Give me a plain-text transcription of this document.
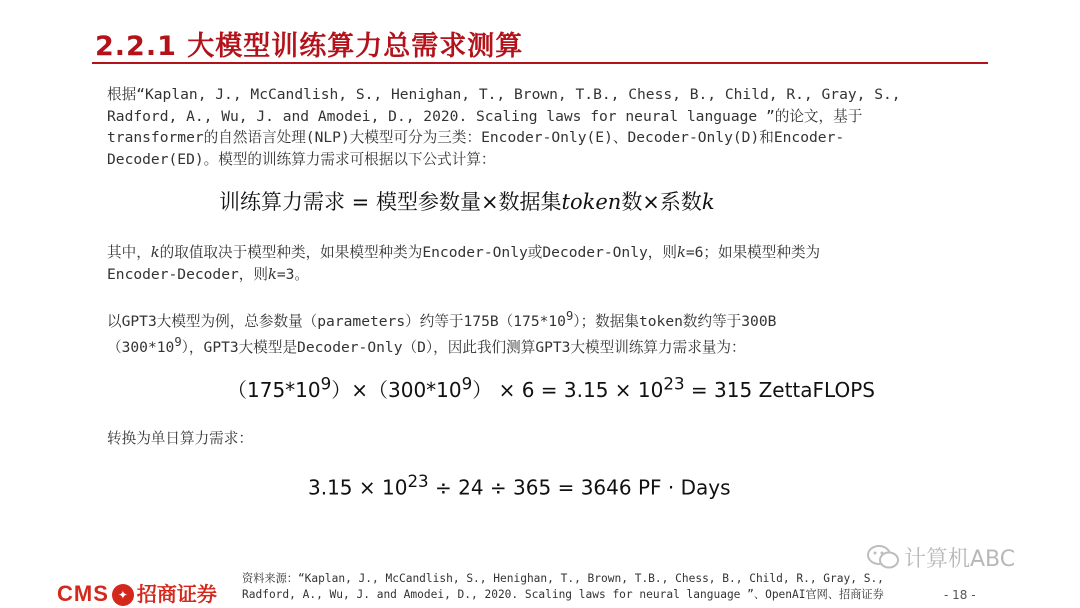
2.2.1 大模型训练算力总需求测算
根据“Kaplan, J., McCandlish, S., Henighan, T., Brown, T.B., Chess, B., Child, R., Gray, S.,
Radford, A., Wu, J. and Amodei, D., 2020. Scaling laws for neural language ”的论文，基于
transformer的自然语言处理(NLP)大模型可分为三类：Encoder-Only(E)、Decoder-Only(D)和Encoder-
Decoder(ED)。模型的训练算力需求可根据以下公式计算：
训练算力需求 = 模型参数量×数据集token数×系数k
其中，k的取值取决于模型种类，如果模型种类为Encoder-Only或Decoder-Only，则k=6；如果模型种类为
Encoder-Decoder，则k=3。
以GPT3大模型为例，总参数量（parameters）约等于$175B(175*10^9)$；数据集token数约等于300B
$(300*10^9)$，GPT3大模型是Decoder-Only（D），因此我们测算GPT3大模型训练算力需求量为：
$(175*10^9)\times(300*10^9) \times 6 = 3.15 \times 10^{23} = 315$ ZettaFLOPS
转换为单日算力需求：
$3.15 \times 10^{23} \div 24 \div 365 = 3646$ PF · Days
CMS ✦ 招商证券
资料来源：“Kaplan, J., McCandlish, S., Henighan, T., Brown, T.B., Chess, B., Child, R., Gray, S.,
Radford, A., Wu, J. and Amodei, D., 2020. Scaling laws for neural language ”、OpenAI官网、招商证券	- 18 -
计算机ABC
